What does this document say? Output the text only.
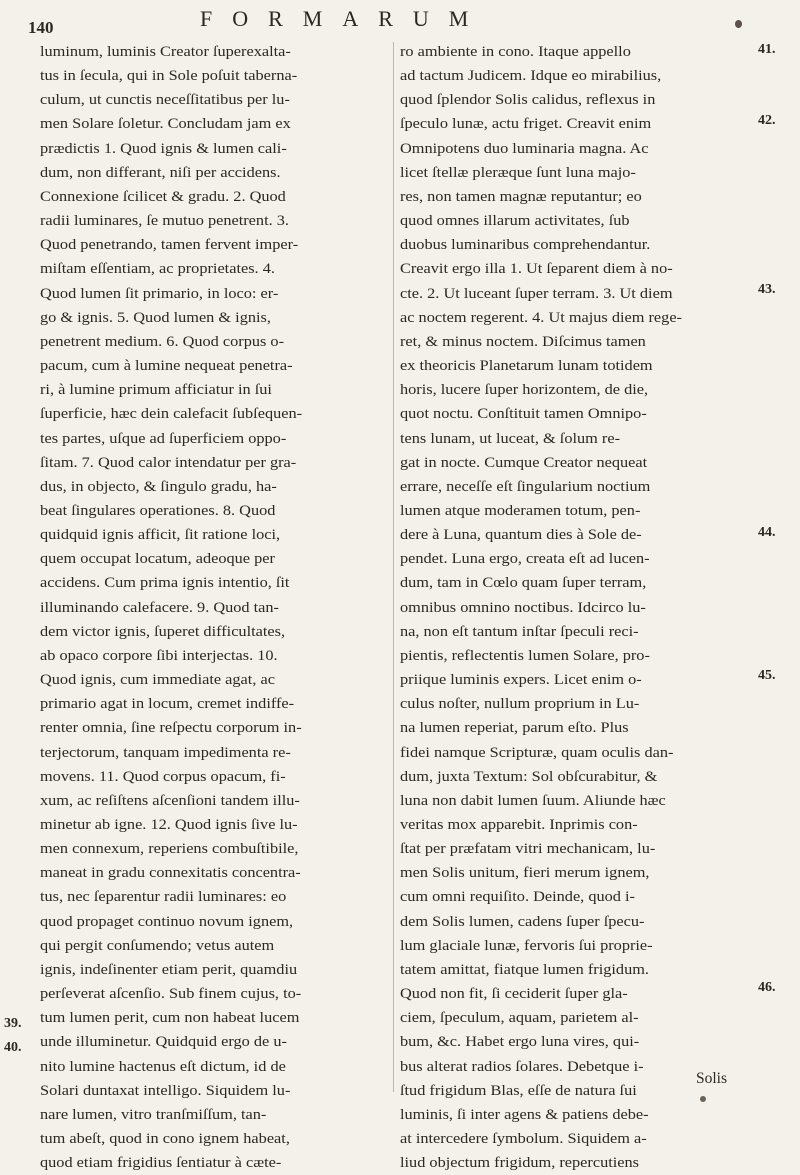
140	FORMARUM
luminum, luminis Creator ſuperexalta-
tus in ſecula, qui in Sole poſuit taberna-
culum, ut cunctis neceſſitatibus per lu-
men Solare ſoletur. Concludam jam ex
prædictis 1. Quod ignis & lumen cali-
dum, non differant, niſi per accidens.
Connexione ſcilicet & gradu. 2. Quod
radii luminares, ſe mutuo penetrent. 3.
Quod penetrando, tamen fervent imper-
miſtam eſſentiam, ac proprietates. 4.
Quod lumen ſit primario, in loco: er-
go & ignis. 5. Quod lumen & ignis,
penetrent medium. 6. Quod corpus o-
pacum, cum à lumine nequeat penetra-
ri, à lumine primum afficiatur in ſui
ſuperficie, hæc dein calefacit ſubſequen-
tes partes, uſque ad ſuperficiem oppo-
ſitam. 7. Quod calor intendatur per gra-
dus, in objecto, & ſingulo gradu, ha-
beat ſingulares operationes. 8. Quod
quidquid ignis afficit, ſit ratione loci,
quem occupat locatum, adeoque per
accidens. Cum prima ignis intentio, ſit
illuminando calefacere. 9. Quod tan-
dem victor ignis, ſuperet difficultates,
ab opaco corpore ſibi interjectas. 10.
Quod ignis, cum immediate agat, ac
primario agat in locum, cremet indiffe-
renter omnia, ſine reſpectu corporum in-
terjectorum, tanquam impedimenta re-
movens. 11. Quod corpus opacum, fi-
xum, ac reſiſtens aſcenſioni tandem illu-
minetur ab igne. 12. Quod ignis ſive lu-
men connexum, reperiens combuſtibile,
maneat in gradu connexitatis concentra-
tus, nec ſeparentur radii luminares: eo
quod propaget continuo novum ignem,
qui pergit conſumendo; vetus autem
ignis, indeſinenter etiam perit, quamdiu
perſeverat aſcenſio. Sub finem cujus, to-
tum lumen perit, cum non habeat lucem
unde illuminetur. Quidquid ergo de u-
nito lumine hactenus eſt dictum, id de
Solari duntaxat intelligo. Siquidem lu-
nare lumen, vitro tranſmiſſum, tan-
tum abeſt, quod in cono ignem habeat,
quod etiam frigidius ſentiatur à cæte-
ro ambiente in cono. Itaque appello
ad tactum Judicem. Idque eo mirabilius,
quod ſplendor Solis calidus, reflexus in
ſpeculo lunæ, actu friget. Creavit enim
Omnipotens duo luminaria magna. Ac
licet ſtellæ pleræque ſunt luna majo-
res, non tamen magnæ reputantur; eo
quod omnes illarum activitates, ſub
duobus luminaribus comprehendantur.
Creavit ergo illa 1. Ut ſeparent diem à no-
cte. 2. Ut luceant ſuper terram. 3. Ut diem
ac noctem regerent. 4. Ut majus diem rege-
ret, & minus noctem. Diſcimus tamen
ex theoricis Planetarum lunam totidem
horis, lucere ſuper horizontem, de die,
quot noctu. Conſtituit tamen Omnipo-
tens lunam, ut luceat, & ſolum re-
gat in nocte. Cumque Creator nequeat
errare, neceſſe eſt ſingularium noctium
lumen atque moderamen totum, pen-
dere à Luna, quantum dies à Sole de-
pendet. Luna ergo, creata eſt ad lucen-
dum, tam in Cœlo quam ſuper terram,
omnibus omnino noctibus. Idcirco lu-
na, non eſt tantum inſtar ſpeculi reci-
pientis, reflectentis lumen Solare, pro-
priique luminis expers. Licet enim o-
culus noſter, nullum proprium in Lu-
na lumen reperiat, parum eſto. Plus
fidei namque Scripturæ, quam oculis dan-
dum, juxta Textum: Sol obſcurabitur, &
luna non dabit lumen ſuum. Aliunde hæc
veritas mox apparebit. Inprimis con-
ſtat per præfatam vitri mechanicam, lu-
men Solis unitum, fieri merum ignem,
cum omni requiſito. Deinde, quod i-
dem Solis lumen, cadens ſuper ſpecu-
lum glaciale lunæ, fervoris ſui proprie-
tatem amittat, fiatque lumen frigidum.
Quod non fit, ſi ceciderit ſuper gla-
ciem, ſpeculum, aquam, parietem al-
bum, &c. Habet ergo luna vires, qui-
bus alterat radios ſolares. Debetque i-
ſtud frigidum Blas, eſſe de natura ſui
luminis, ſi inter agens & patiens debe-
at intercedere ſymbolum. Siquidem a-
liud objectum frigidum, repercutiens
39.
40.
41.
42.
43.
44.
45.
46.
Solis
